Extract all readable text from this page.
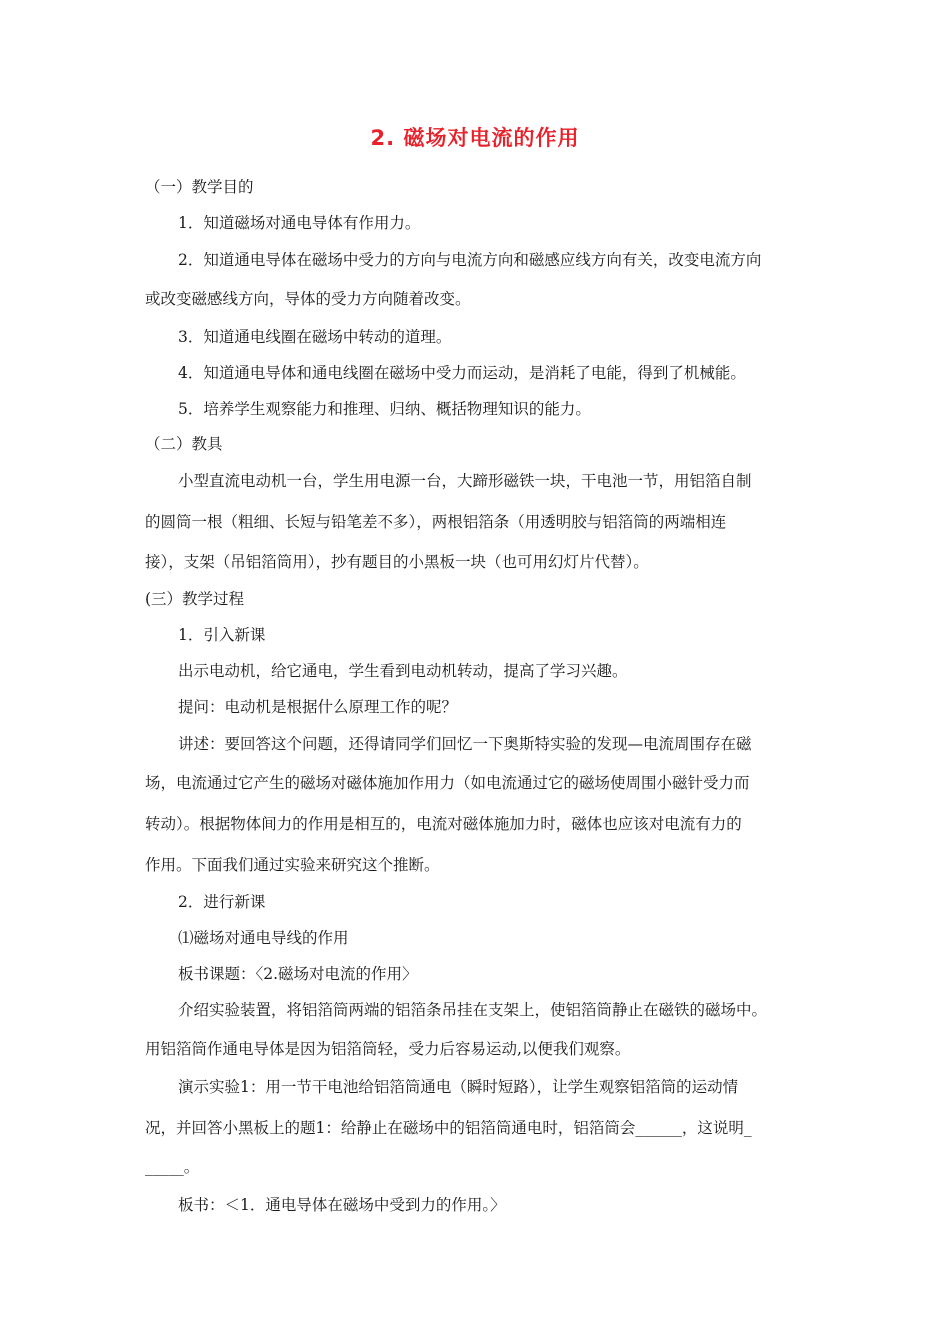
2. 磁场对电流的作用
（一）教学目的
1．知道磁场对通电导体有作用力。
2．知道通电导体在磁场中受力的方向与电流方向和磁感应线方向有关，改变电流方向
或改变磁感线方向，导体的受力方向随着改变。
3．知道通电线圈在磁场中转动的道理。
4．知道通电导体和通电线圈在磁场中受力而运动，是消耗了电能，得到了机械能。
5．培养学生观察能力和推理、归纳、概括物理知识的能力。
（二）教具
小型直流电动机一台，学生用电源一台，大蹄形磁铁一块，干电池一节，用铝箔自制
的圆筒一根（粗细、长短与铅笔差不多），两根铝箔条（用透明胶与铝箔筒的两端相连
接），支架（吊铝箔筒用），抄有题目的小黑板一块（也可用幻灯片代替）。
(三）教学过程
1．引入新课
出示电动机，给它通电，学生看到电动机转动，提高了学习兴趣。
提问：电动机是根据什么原理工作的呢？
讲述：要回答这个问题，还得请同学们回忆一下奥斯特实验的发现—电流周围存在磁
场，电流通过它产生的磁场对磁体施加作用力（如电流通过它的磁场使周围小磁针受力而
转动）。根据物体间力的作用是相互的，电流对磁体施加力时，磁体也应该对电流有力的
作用。下面我们通过实验来研究这个推断。
2．进行新课
⑴磁场对通电导线的作用
板书课题：〈2.磁场对电流的作用〉
介绍实验装置，将铝箔筒两端的铝箔条吊挂在支架上，使铝箔筒静止在磁铁的磁场中。
用铝箔筒作通电导体是因为铝箔筒轻，受力后容易运动,以便我们观察。
演示实验1：用一节干电池给铝箔筒通电（瞬时短路），让学生观察铝箔筒的运动情
况，并回答小黑板上的题1：给静止在磁场中的铝箔筒通电时，铝箔筒会______，这说明_
_____。
板书：＜1．通电导体在磁场中受到力的作用。〉
